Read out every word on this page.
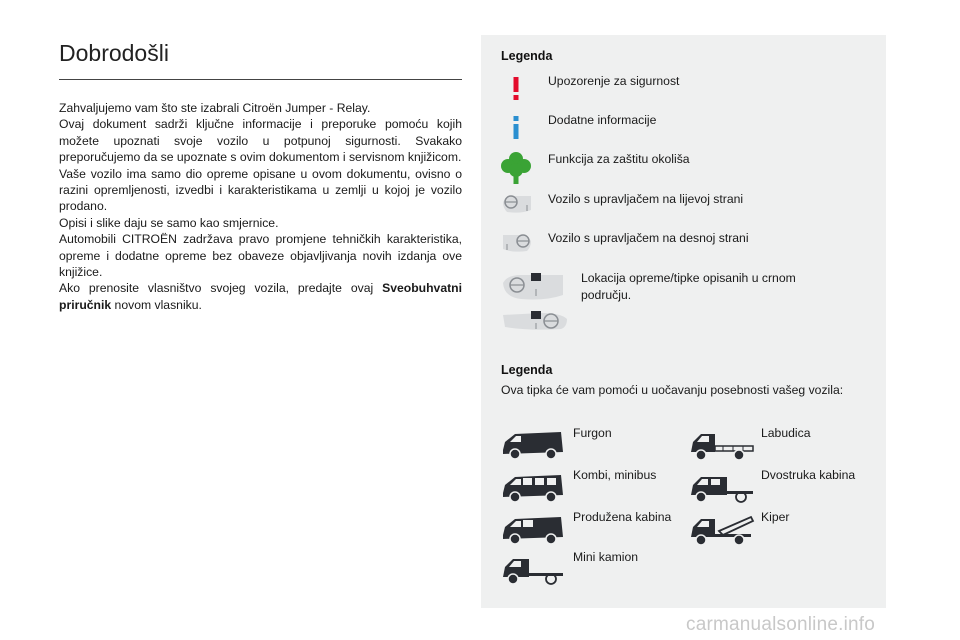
Dobrodošli

Zahvaljujemo vam što ste izabrali Citroën Jumper - Relay.

Ovaj dokument sadrži ključne informacije i preporuke pomoću kojih možete upoznati svoje vozilo u potpunoj sigurnosti. Svakako preporučujemo da se upoznate s ovim dokumentom i servisnom knjižicom.

Vaše vozilo ima samo dio opreme opisane u ovom dokumentu, ovisno o razini opremljenosti, izvedbi i karakteristikama u zemlji u kojoj je vozilo prodano.

Opisi i slike daju se samo kao smjernice.

Automobili CITROËN zadržava pravo promjene tehničkih karakteristika, opreme i dodatne opreme bez obaveze objavljivanja novih izdanja ove knjižice.

Ako prenosite vlasništvo svojeg vozila, predajte ovaj Sveobuhvatni priručnik novom vlasniku.

Legenda
Upozorenje za sigurnost
Dodatne informacije
Funkcija za zaštitu okoliša
Vozilo s upravljačem na lijevoj strani
Vozilo s upravljačem na desnoj strani
Lokacija opreme/tipke opisanih u crnom području.
Legenda
Ova tipka će vam pomoći u uočavanju posebnosti vašeg vozila:
Furgon
Kombi, minibus
Produžena kabina
Mini kamion
Labudica
Dvostruka kabina
Kiper
carmanualsonline.info
